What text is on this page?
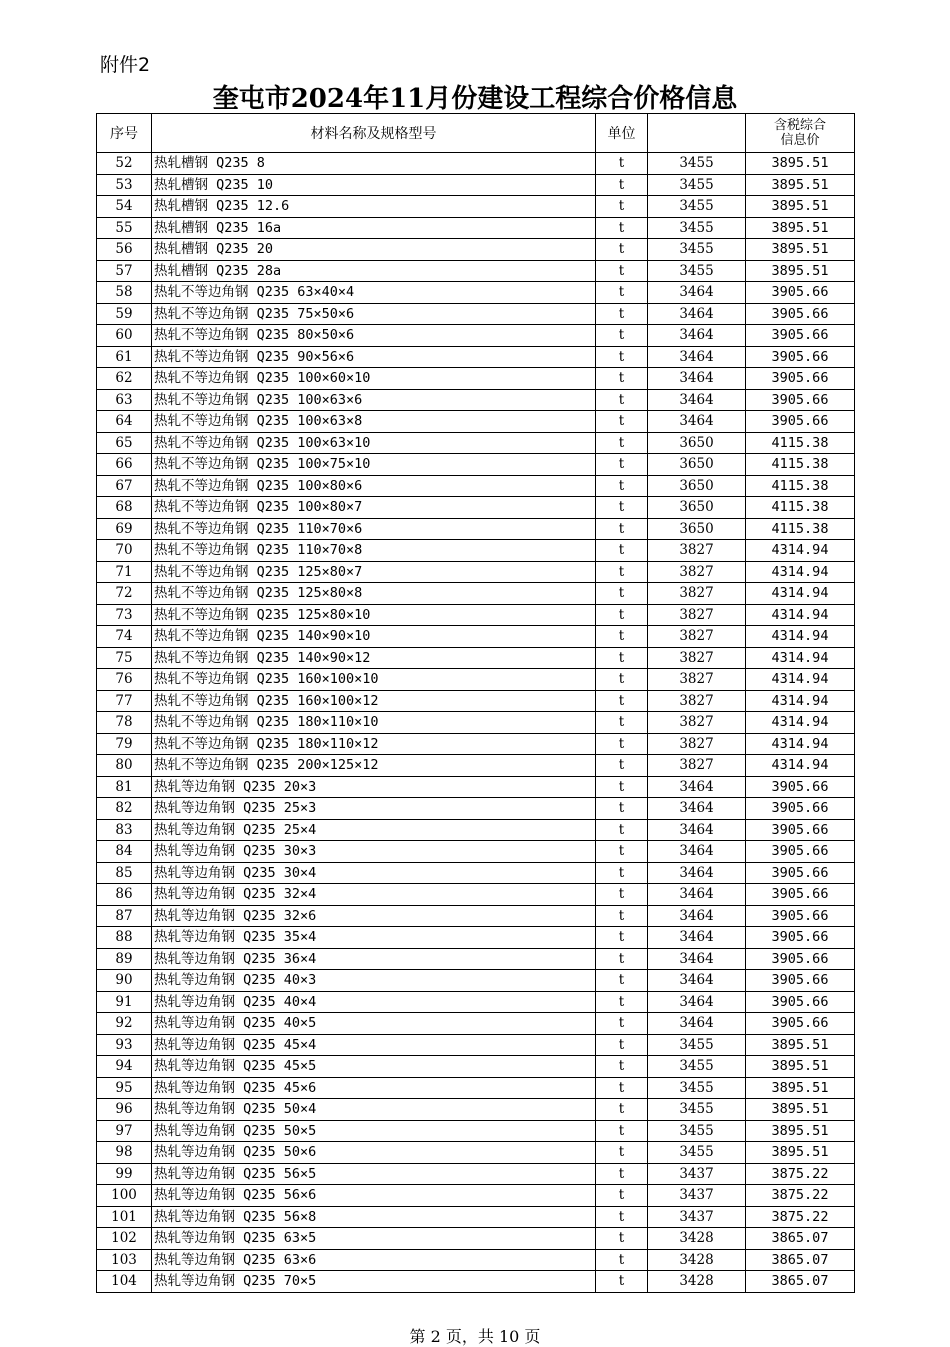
附件2
奎屯市2024年11月份建设工程综合价格信息
序号	材料名称及规格型号	单位		含税综合
信息价

52	热轧槽钢 Q235 8	t	3455	3895.51
53	热轧槽钢 Q235 10	t	3455	3895.51
54	热轧槽钢 Q235 12.6	t	3455	3895.51
55	热轧槽钢 Q235 16a	t	3455	3895.51
56	热轧槽钢 Q235 20	t	3455	3895.51
57	热轧槽钢 Q235 28a	t	3455	3895.51
58	热轧不等边角钢 Q235 63×40×4	t	3464	3905.66
59	热轧不等边角钢 Q235 75×50×6	t	3464	3905.66
60	热轧不等边角钢 Q235 80×50×6	t	3464	3905.66
61	热轧不等边角钢 Q235 90×56×6	t	3464	3905.66
62	热轧不等边角钢 Q235 100×60×10	t	3464	3905.66
63	热轧不等边角钢 Q235 100×63×6	t	3464	3905.66
64	热轧不等边角钢 Q235 100×63×8	t	3464	3905.66
65	热轧不等边角钢 Q235 100×63×10	t	3650	4115.38
66	热轧不等边角钢 Q235 100×75×10	t	3650	4115.38
67	热轧不等边角钢 Q235 100×80×6	t	3650	4115.38
68	热轧不等边角钢 Q235 100×80×7	t	3650	4115.38
69	热轧不等边角钢 Q235 110×70×6	t	3650	4115.38
70	热轧不等边角钢 Q235 110×70×8	t	3827	4314.94
71	热轧不等边角钢 Q235 125×80×7	t	3827	4314.94
72	热轧不等边角钢 Q235 125×80×8	t	3827	4314.94
73	热轧不等边角钢 Q235 125×80×10	t	3827	4314.94
74	热轧不等边角钢 Q235 140×90×10	t	3827	4314.94
75	热轧不等边角钢 Q235 140×90×12	t	3827	4314.94
76	热轧不等边角钢 Q235 160×100×10	t	3827	4314.94
77	热轧不等边角钢 Q235 160×100×12	t	3827	4314.94
78	热轧不等边角钢 Q235 180×110×10	t	3827	4314.94
79	热轧不等边角钢 Q235 180×110×12	t	3827	4314.94
80	热轧不等边角钢 Q235 200×125×12	t	3827	4314.94
81	热轧等边角钢 Q235 20×3	t	3464	3905.66
82	热轧等边角钢 Q235 25×3	t	3464	3905.66
83	热轧等边角钢 Q235 25×4	t	3464	3905.66
84	热轧等边角钢 Q235 30×3	t	3464	3905.66
85	热轧等边角钢 Q235 30×4	t	3464	3905.66
86	热轧等边角钢 Q235 32×4	t	3464	3905.66
87	热轧等边角钢 Q235 32×6	t	3464	3905.66
88	热轧等边角钢 Q235 35×4	t	3464	3905.66
89	热轧等边角钢 Q235 36×4	t	3464	3905.66
90	热轧等边角钢 Q235 40×3	t	3464	3905.66
91	热轧等边角钢 Q235 40×4	t	3464	3905.66
92	热轧等边角钢 Q235 40×5	t	3464	3905.66
93	热轧等边角钢 Q235 45×4	t	3455	3895.51
94	热轧等边角钢 Q235 45×5	t	3455	3895.51
95	热轧等边角钢 Q235 45×6	t	3455	3895.51
96	热轧等边角钢 Q235 50×4	t	3455	3895.51
97	热轧等边角钢 Q235 50×5	t	3455	3895.51
98	热轧等边角钢 Q235 50×6	t	3455	3895.51
99	热轧等边角钢 Q235 56×5	t	3437	3875.22
100	热轧等边角钢 Q235 56×6	t	3437	3875.22
101	热轧等边角钢 Q235 56×8	t	3437	3875.22
102	热轧等边角钢 Q235 63×5	t	3428	3865.07
103	热轧等边角钢 Q235 63×6	t	3428	3865.07
104	热轧等边角钢 Q235 70×5	t	3428	3865.07
第 2 页，共 10 页
